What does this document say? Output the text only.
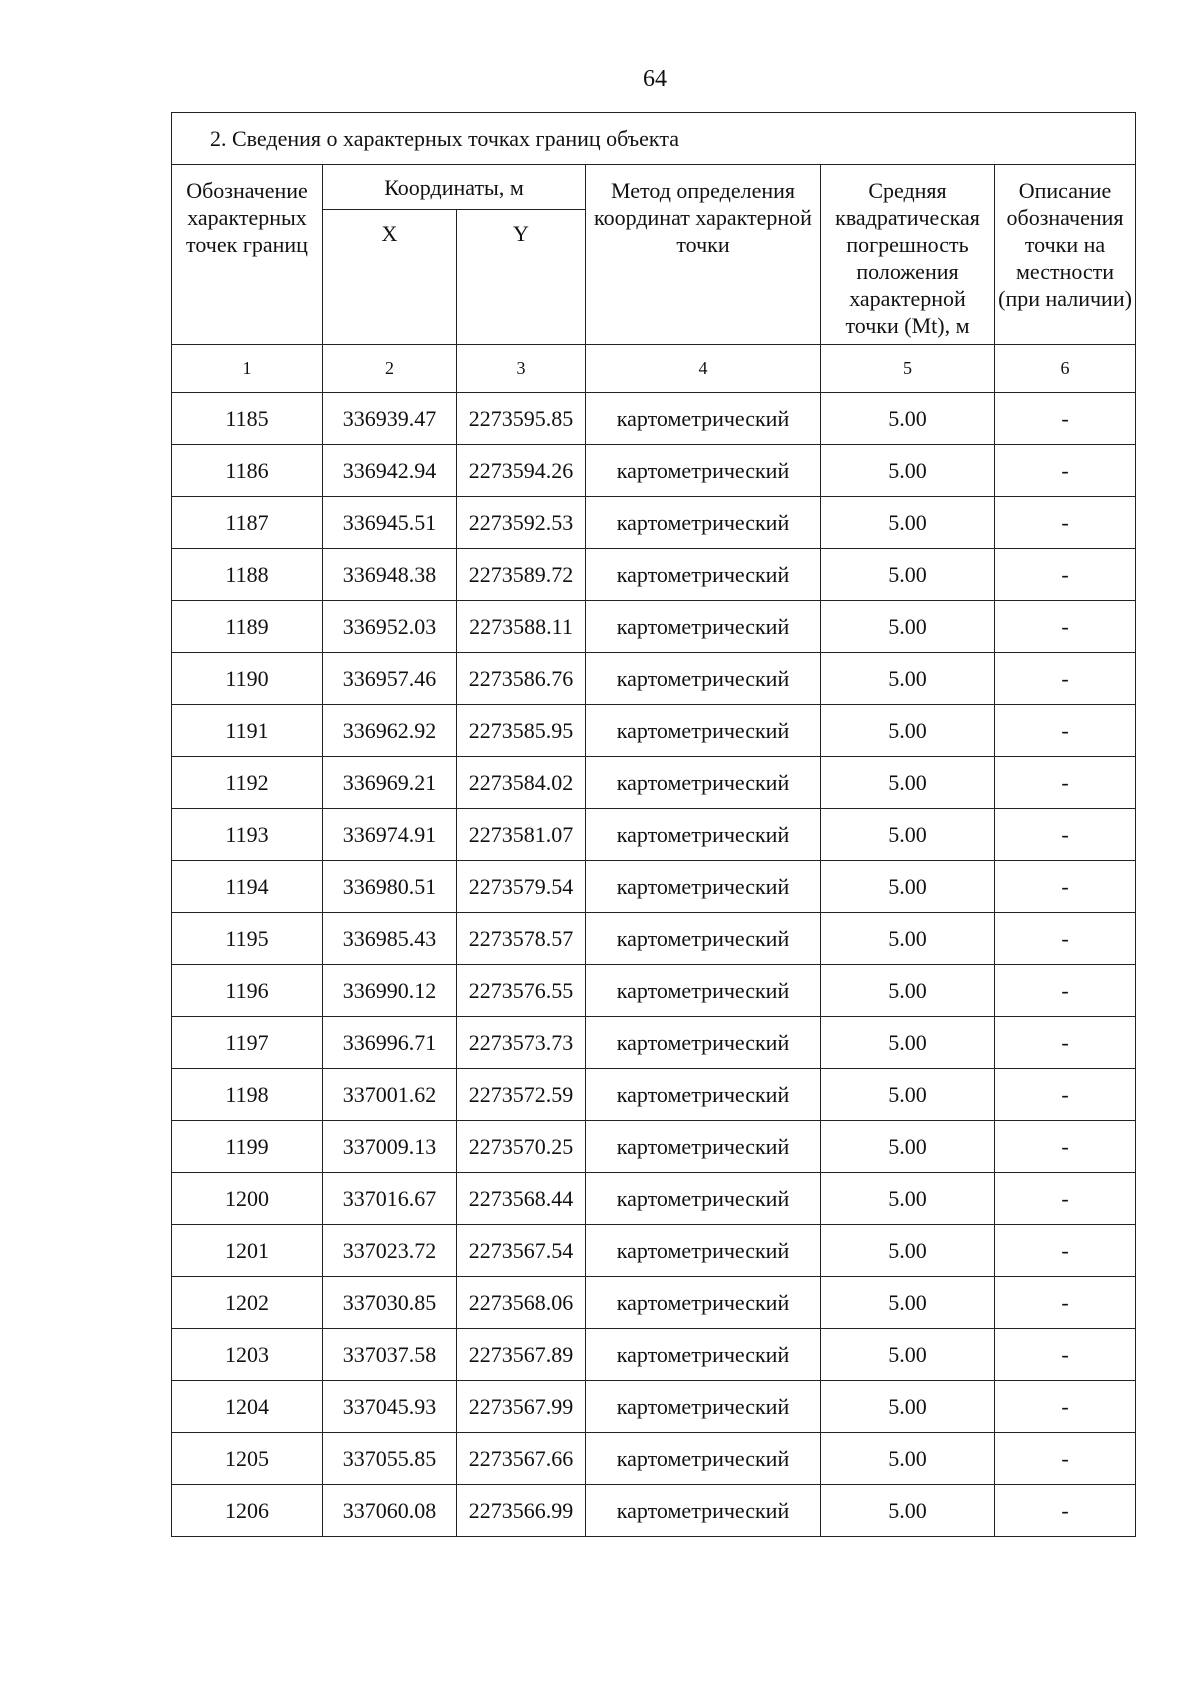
64
2. Сведения о характерных точках границ объекта					
Обозначение характерных точек границ	Координаты, м		Метод определения координат характерной точки	Средняя квадратическая погрешность положения характерной точки (Mt), м	Описание обозначения точки на местности (при наличии)
	X	Y			
1	2	3	4	5	6
1185	336939.47	2273595.85	картометрический	5.00	-
1186	336942.94	2273594.26	картометрический	5.00	-
1187	336945.51	2273592.53	картометрический	5.00	-
1188	336948.38	2273589.72	картометрический	5.00	-
1189	336952.03	2273588.11	картометрический	5.00	-
1190	336957.46	2273586.76	картометрический	5.00	-
1191	336962.92	2273585.95	картометрический	5.00	-
1192	336969.21	2273584.02	картометрический	5.00	-
1193	336974.91	2273581.07	картометрический	5.00	-
1194	336980.51	2273579.54	картометрический	5.00	-
1195	336985.43	2273578.57	картометрический	5.00	-
1196	336990.12	2273576.55	картометрический	5.00	-
1197	336996.71	2273573.73	картометрический	5.00	-
1198	337001.62	2273572.59	картометрический	5.00	-
1199	337009.13	2273570.25	картометрический	5.00	-
1200	337016.67	2273568.44	картометрический	5.00	-
1201	337023.72	2273567.54	картометрический	5.00	-
1202	337030.85	2273568.06	картометрический	5.00	-
1203	337037.58	2273567.89	картометрический	5.00	-
1204	337045.93	2273567.99	картометрический	5.00	-
1205	337055.85	2273567.66	картометрический	5.00	-
1206	337060.08	2273566.99	картометрический	5.00	-
